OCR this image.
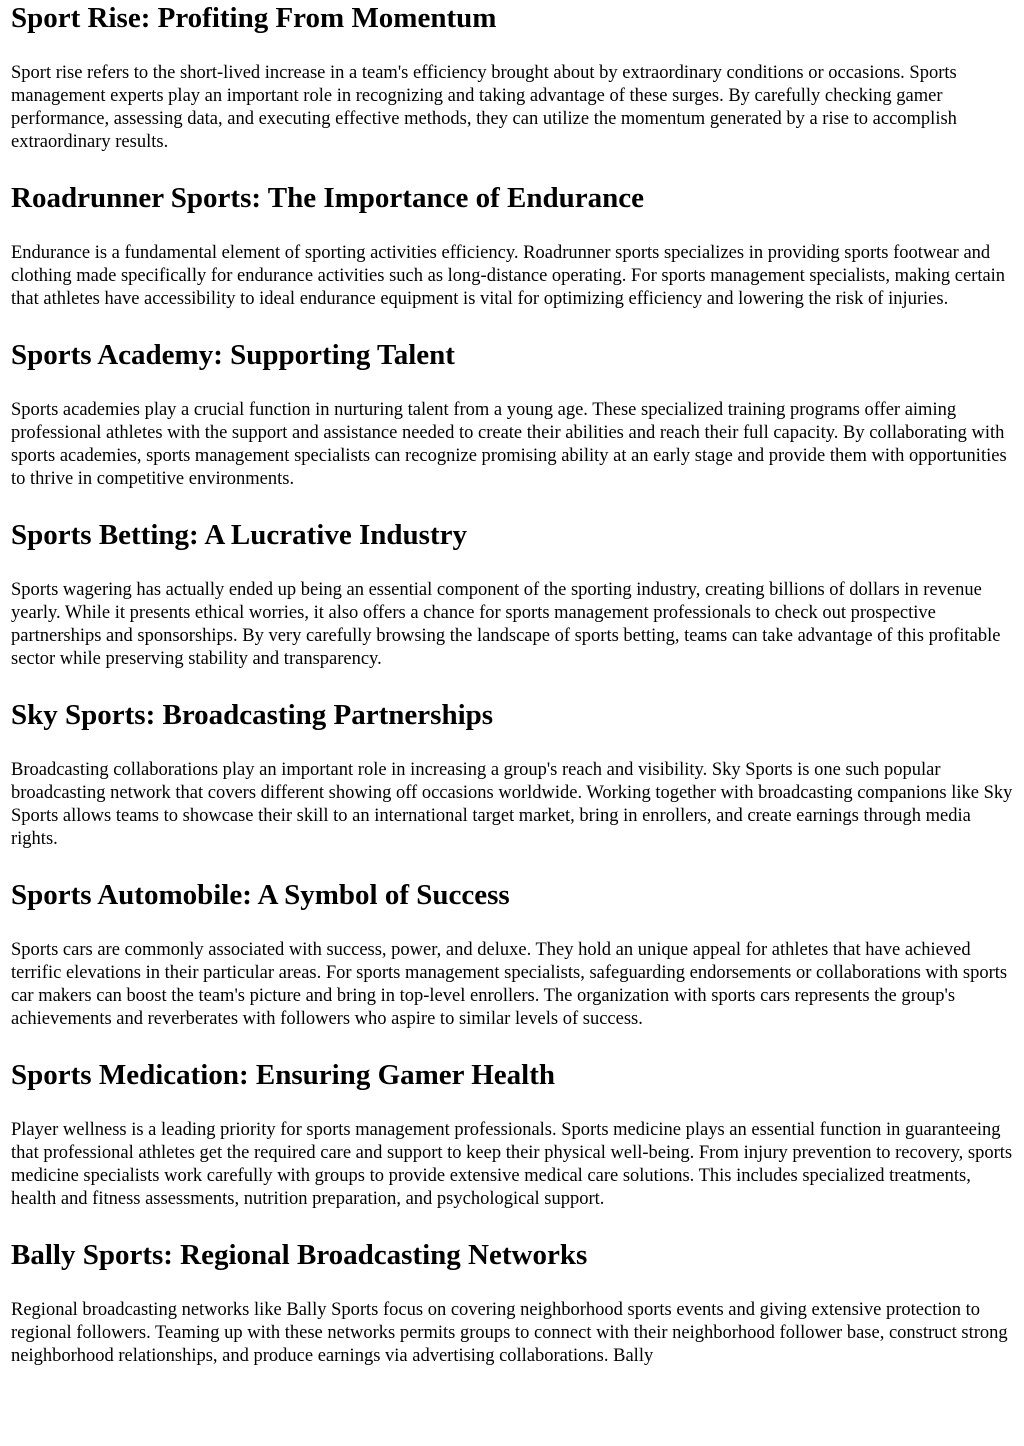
Sport Rise: Profiting From Momentum

Sport rise refers to the short-lived increase in a team's efficiency brought about by extraordinary conditions or occasions. Sports management experts play an important role in recognizing and taking advantage of these surges. By carefully checking gamer performance, assessing data, and executing effective methods, they can utilize the momentum generated by a rise to accomplish extraordinary results.

Roadrunner Sports: The Importance of Endurance

Endurance is a fundamental element of sporting activities efficiency. Roadrunner sports specializes in providing sports footwear and clothing made specifically for endurance activities such as long-distance operating. For sports management specialists, making certain that athletes have accessibility to ideal endurance equipment is vital for optimizing efficiency and lowering the risk of injuries.

Sports Academy: Supporting Talent

Sports academies play a crucial function in nurturing talent from a young age. These specialized training programs offer aiming professional athletes with the support and assistance needed to create their abilities and reach their full capacity. By collaborating with sports academies, sports management specialists can recognize promising ability at an early stage and provide them with opportunities to thrive in competitive environments.

Sports Betting: A Lucrative Industry

Sports wagering has actually ended up being an essential component of the sporting industry, creating billions of dollars in revenue yearly. While it presents ethical worries, it also offers a chance for sports management professionals to check out prospective partnerships and sponsorships. By very carefully browsing the landscape of sports betting, teams can take advantage of this profitable sector while preserving stability and transparency.

Sky Sports: Broadcasting Partnerships

Broadcasting collaborations play an important role in increasing a group's reach and visibility. Sky Sports is one such popular broadcasting network that covers different showing off occasions worldwide. Working together with broadcasting companions like Sky Sports allows teams to showcase their skill to an international target market, bring in enrollers, and create earnings through media rights.

Sports Automobile: A Symbol of Success

Sports cars are commonly associated with success, power, and deluxe. They hold an unique appeal for athletes that have achieved terrific elevations in their particular areas. For sports management specialists, safeguarding endorsements or collaborations with sports car makers can boost the team's picture and bring in top-level enrollers. The organization with sports cars represents the group's achievements and reverberates with followers who aspire to similar levels of success.

Sports Medication: Ensuring Gamer Health

Player wellness is a leading priority for sports management professionals. Sports medicine plays an essential function in guaranteeing that professional athletes get the required care and support to keep their physical well-being. From injury prevention to recovery, sports medicine specialists work carefully with groups to provide extensive medical care solutions. This includes specialized treatments, health and fitness assessments, nutrition preparation, and psychological support.

Bally Sports: Regional Broadcasting Networks

Regional broadcasting networks like Bally Sports focus on covering neighborhood sports events and giving extensive protection to regional followers. Teaming up with these networks permits groups to connect with their neighborhood follower base, construct strong neighborhood relationships, and produce earnings via advertising collaborations. Bally
